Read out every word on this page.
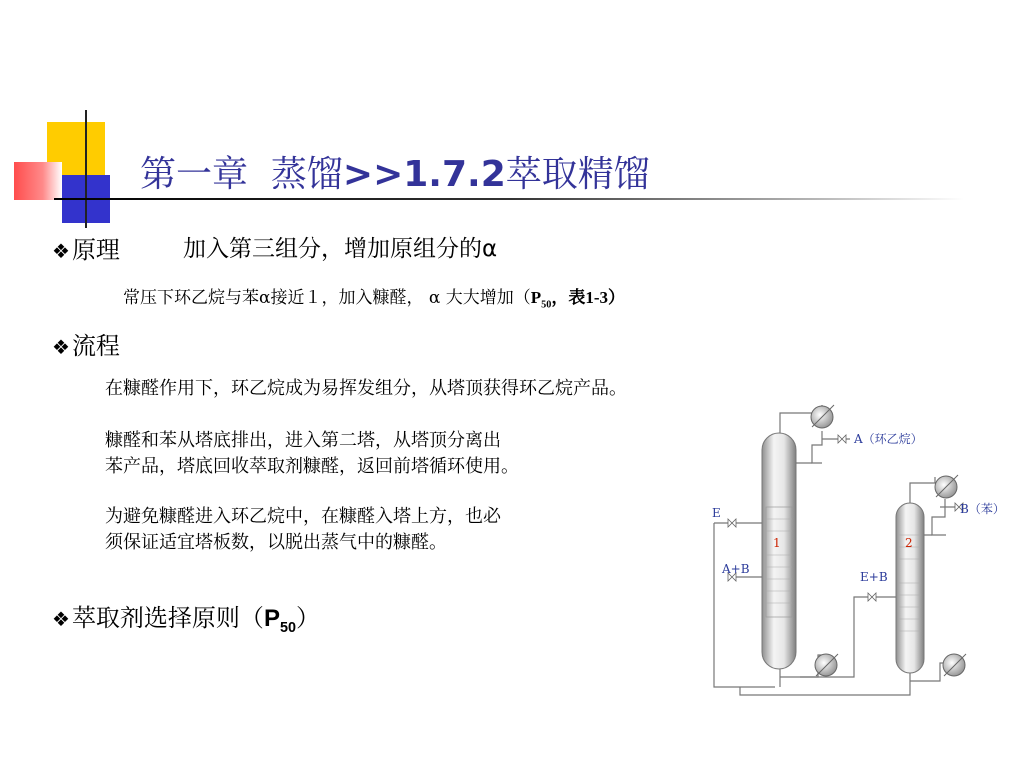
第一章 蒸馏>>1.7.2萃取精馏
❖原理	加入第三组分，增加原组分的α
常压下环乙烷与苯α接近１，加入糠醛， α 大大增加（$P_{50}$，表1-3）
❖流程
在糠醛作用下，环乙烷成为易挥发组分，从塔顶获得环乙烷产品。
糠醛和苯从塔底排出，进入第二塔，从塔顶分离出
苯产品，塔底回收萃取剂糠醛，返回前塔循环使用。
为避免糠醛进入环乙烷中，在糠醛入塔上方，也必
须保证适宜塔板数，以脱出蒸气中的糠醛。
❖萃取剂选择原则$(P_{50})$
1	2
A（环乙烷）
B（苯）
E
A+B
E+B
